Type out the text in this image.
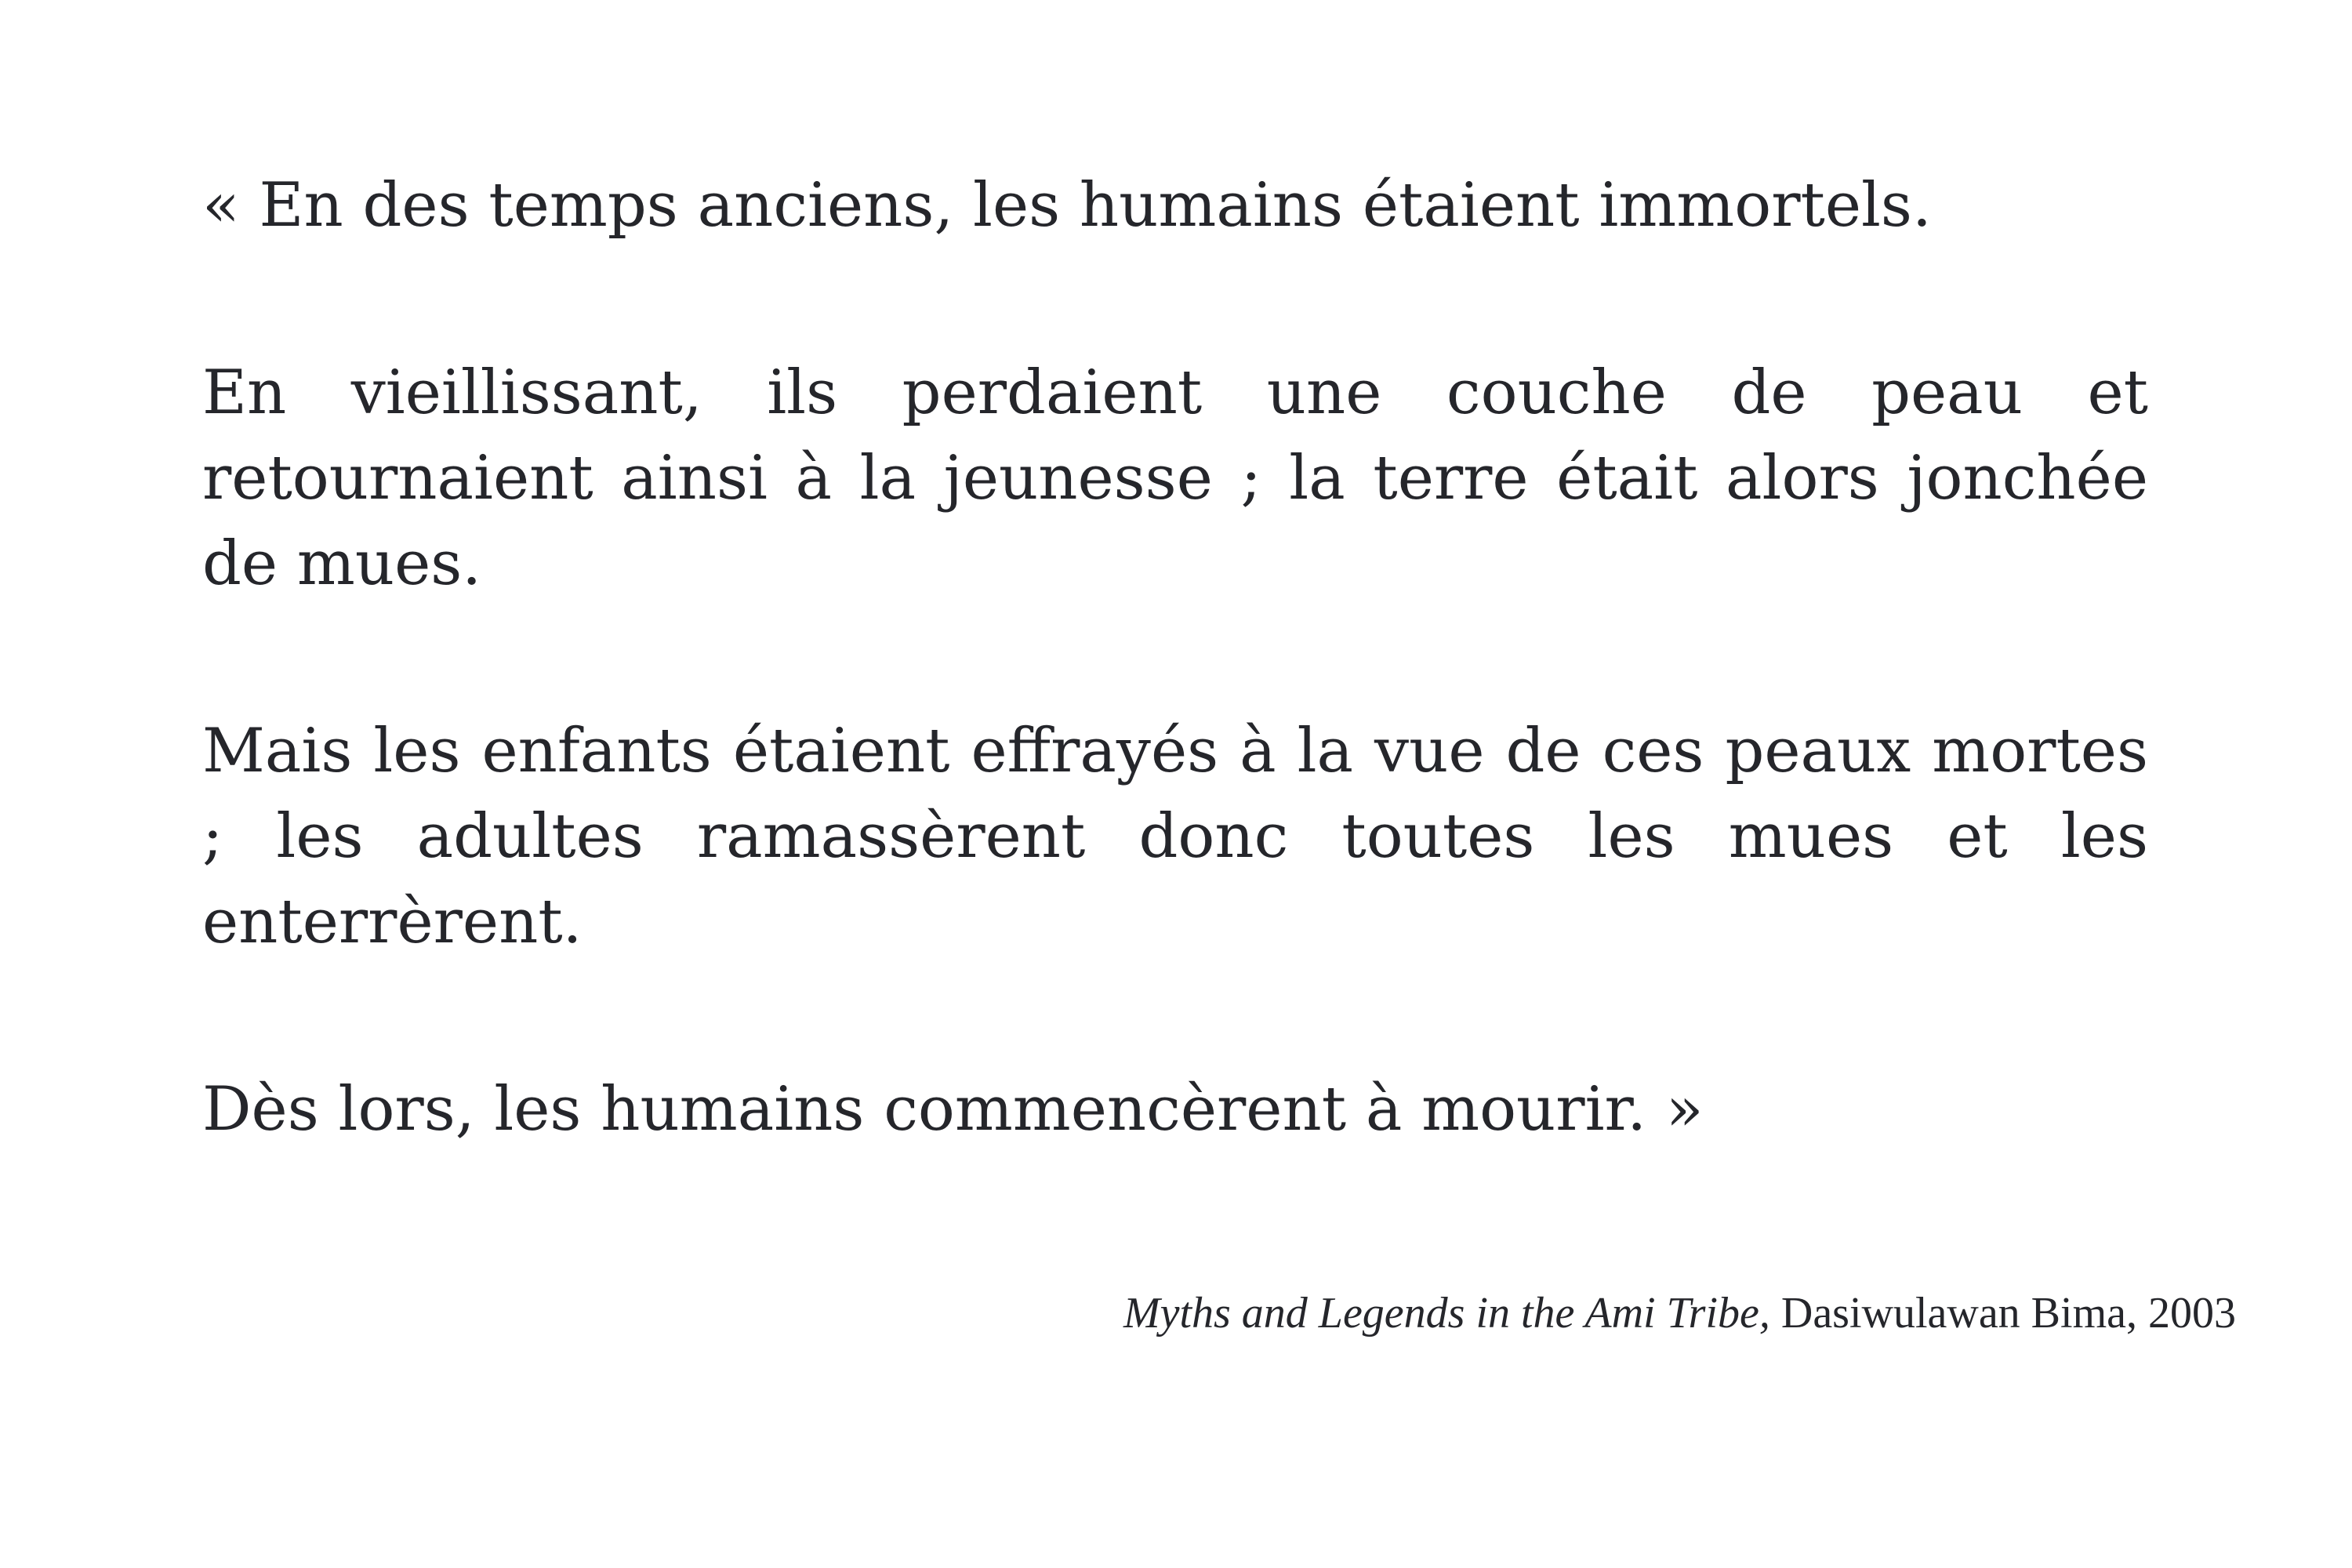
« En des temps anciens, les humains étaient immortels.

En vieillissant, ils perdaient une couche de peau et retournaient ainsi à la jeunesse ; la terre était alors jonchée de mues.

Mais les enfants étaient effrayés à la vue de ces peaux mortes ; les adultes ramassèrent donc toutes les mues et les enterrèrent.

Dès lors, les humains commencèrent à mourir. »

Myths and Legends in the Ami Tribe, Dasiwulawan Bima, 2003
